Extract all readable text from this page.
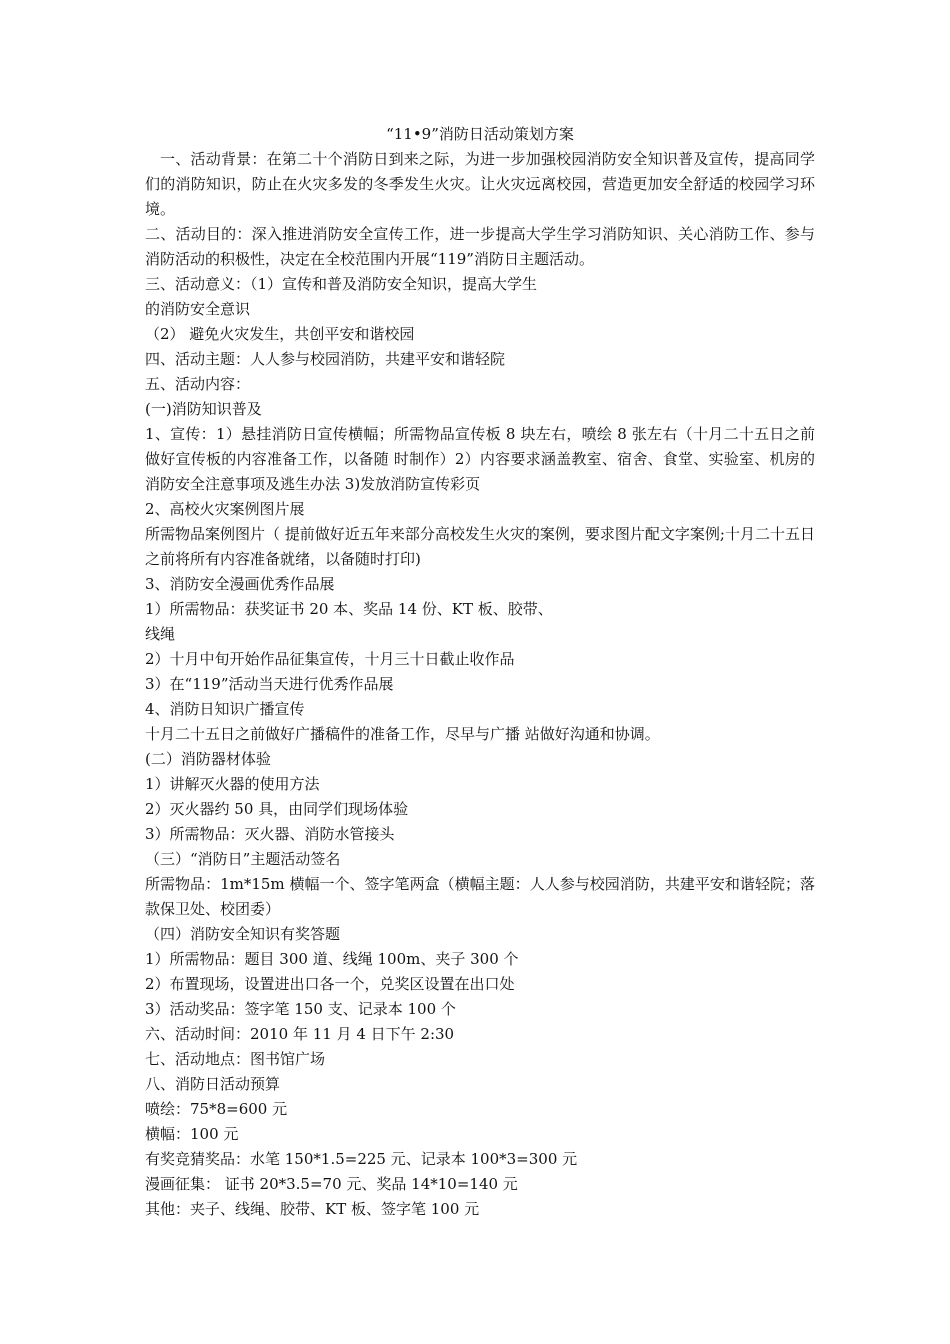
“11•9”消防日活动策划方案

一、活动背景：在第二十个消防日到来之际，为进一步加强校园消防安全知识普及宣传，提高同学们的消防知识，防止在火灾多发的冬季发生火灾。让火灾远离校园，营造更加安全舒适的校园学习环境。

二、活动目的：深入推进消防安全宣传工作，进一步提高大学生学习消防知识、关心消防工作、参与消防活动的积极性，决定在全校范围内开展“119”消防日主题活动。

三、活动意义：（1）宣传和普及消防安全知识，提高大学生

的消防安全意识

（2） 避免火灾发生，共创平安和谐校园

四、活动主题：人人参与校园消防，共建平安和谐轻院

五、活动内容：

(一)消防知识普及

1、宣传：1）悬挂消防日宣传横幅；所需物品宣传板 8 块左右，喷绘 8 张左右（十月二十五日之前做好宣传板的内容准备工作，以备随 时制作）2）内容要求涵盖教室、宿舍、食堂、实验室、机房的消防安全注意事项及逃生办法 3)发放消防宣传彩页

2、高校火灾案例图片展

所需物品案例图片（ 提前做好近五年来部分高校发生火灾的案例，要求图片配文字案例;十月二十五日之前将所有内容准备就绪，以备随时打印)

3、消防安全漫画优秀作品展

1）所需物品：获奖证书 20 本、奖品 14 份、KT 板、胶带、

线绳

2）十月中旬开始作品征集宣传，十月三十日截止收作品

3）在“119”活动当天进行优秀作品展

4、消防日知识广播宣传

十月二十五日之前做好广播稿件的准备工作，尽早与广播 站做好沟通和协调。

(二）消防器材体验

1）讲解灭火器的使用方法

2）灭火器约 50 具，由同学们现场体验

3）所需物品：灭火器、消防水管接头

（三）“消防日”主题活动签名

所需物品：1m*15m 横幅一个、签字笔两盒（横幅主题：人人参与校园消防，共建平安和谐轻院；落款保卫处、校团委）

（四）消防安全知识有奖答题

1）所需物品：题目 300 道、线绳 100m、夹子 300 个

2）布置现场，设置进出口各一个，兑奖区设置在出口处

3）活动奖品：签字笔 150 支、记录本 100 个

六、活动时间：2010 年 11 月 4 日下午 2:30

七、活动地点：图书馆广场

八、消防日活动预算

喷绘：75*8=600 元

横幅：100 元

有奖竞猜奖品：水笔 150*1.5=225 元、记录本 100*3=300 元

漫画征集： 证书 20*3.5=70 元、奖品 14*10=140 元

其他：夹子、线绳、胶带、KT 板、签字笔 100 元
